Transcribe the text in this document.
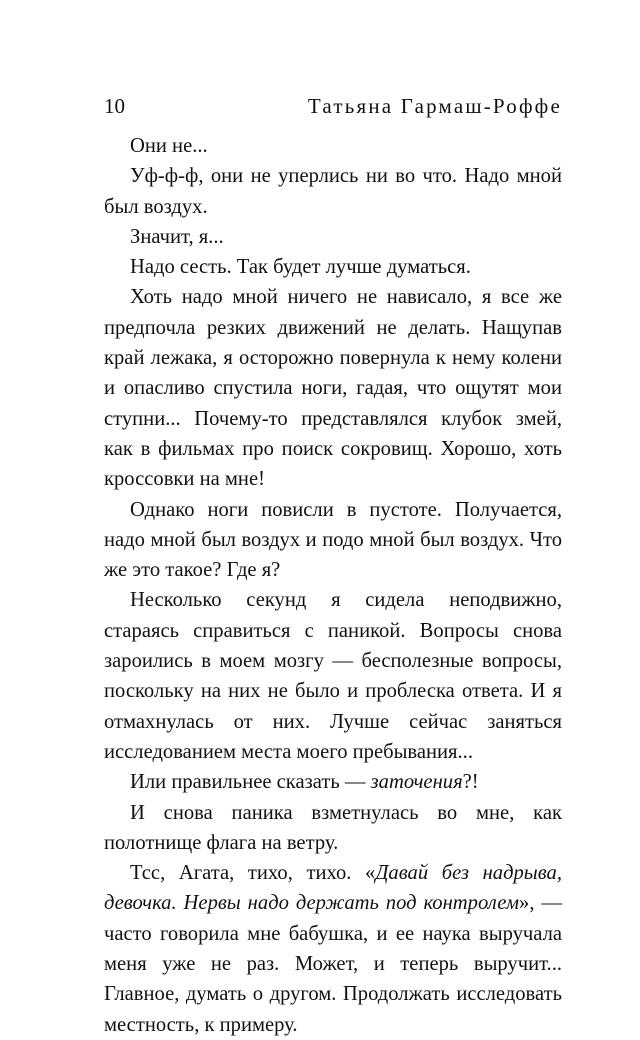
10	Татьяна Гармаш-Роффе

Они не...

Уф-ф-ф, они не уперлись ни во что. Надо мной был воздух.

Значит, я...

Надо сесть. Так будет лучше думаться.

Хоть надо мной ничего не нависало, я все же предпочла резких движений не делать. Нащупав край лежака, я осторожно повернула к нему колени и опасливо спустила ноги, гадая, что ощутят мои ступни... Почему-то представлялся клубок змей, как в фильмах про поиск сокровищ. Хорошо, хоть кроссовки на мне!

Однако ноги повисли в пустоте. Получается, надо мной был воздух и подо мной был воздух. Что же это такое? Где я?

Несколько секунд я сидела неподвижно, стараясь справиться с паникой. Вопросы снова зароились в моем мозгу — бесполезные вопросы, поскольку на них не было и проблеска ответа. И я отмахнулась от них. Лучше сейчас заняться исследованием места моего пребывания...

Или правильнее сказать — заточения?!

И снова паника взметнулась во мне, как полотнище флага на ветру.

Тсс, Агата, тихо, тихо. «Давай без надрыва, девочка. Нервы надо держать под контролем», — часто говорила мне бабушка, и ее наука выручала меня уже не раз. Может, и теперь выручит... Главное, думать о другом. Продолжать исследовать местность, к примеру.
